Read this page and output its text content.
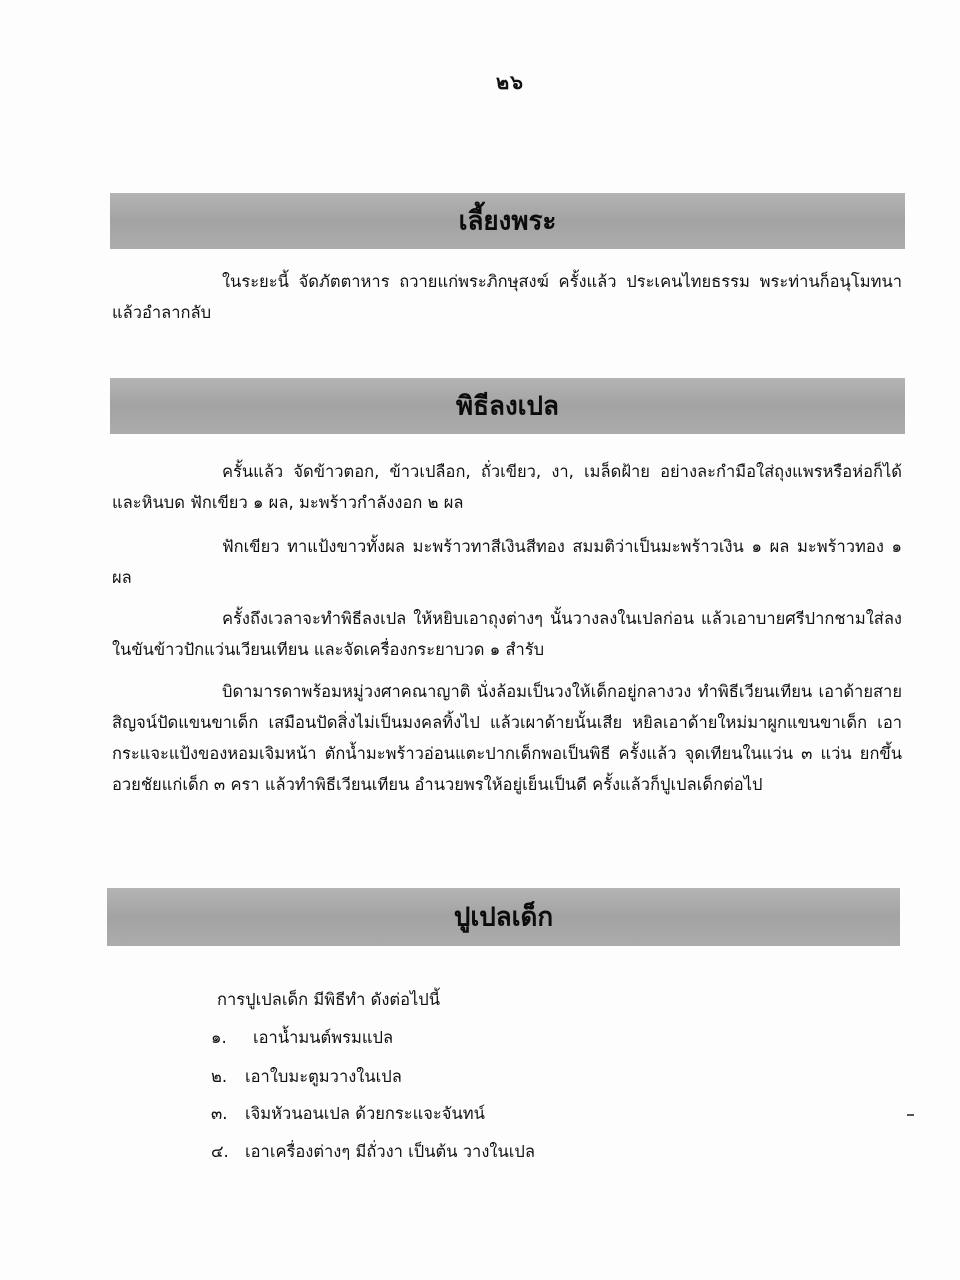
๒๖
เลี้ยงพระ

ในระยะนี้ จัดภัตตาหาร ถวายแก่พระภิกษุสงฆ์ ครั้งแล้ว ประเคนไทยธรรม พระท่านก็อนุโมทนา แล้วอำลากลับ

พิธีลงเปล

ครั้นแล้ว จัดข้าวตอก, ข้าวเปลือก, ถั่วเขียว, งา, เมล็ดฝ้าย อย่างละกำมือใส่ถุงแพรหรือห่อก็ได้ และหินบด ฟักเขียว ๑ ผล, มะพร้าวกำลังงอก ๒ ผล

ฟักเขียว ทาแป้งขาวทั้งผล มะพร้าวทาสีเงินสีทอง สมมติว่าเป็นมะพร้าวเงิน ๑ ผล มะพร้าวทอง ๑ ผล

ครั้งถึงเวลาจะทำพิธีลงเปล ให้หยิบเอาถุงต่างๆ นั้นวางลงในเปลก่อน แล้วเอาบายศรีปากชามใส่ลงในขันข้าวปักแว่นเวียนเทียน และจัดเครื่องกระยาบวด ๑ สำรับ

บิดามารดาพร้อมหมู่วงศาคณาญาติ นั่งล้อมเป็นวงให้เด็กอยู่กลางวง ทำพิธีเวียนเทียน เอาด้ายสายสิญจน์ปัดแขนขาเด็ก เสมือนปัดสิ่งไม่เป็นมงคลทิ้งไป แล้วเผาด้ายนั้นเสีย หยิลเอาด้ายใหม่มาผูกแขนขาเด็ก เอากระแจะแป้งของหอมเจิมหน้า ตักน้ำมะพร้าวอ่อนแตะปากเด็กพอเป็นพิธี ครั้งแล้ว จุดเทียนในแว่น ๓ แว่น ยกขึ้นอวยชัยแก่เด็ก ๓ ครา แล้วทำพิธีเวียนเทียน อำนวยพรให้อยู่เย็นเป็นดี ครั้งแล้วก็ปูเปลเด็กต่อไป

ปูเปลเด็ก
การปูเปลเด็ก มีพิธีทำ ดังต่อไปนี้
๑. เอาน้ำมนต์พรมแปล
๒. เอาใบมะตูมวางในเปล
๓. เจิมหัวนอนเปล ด้วยกระแจะจันทน์
๔. เอาเครื่องต่างๆ มีถั่วงา เป็นต้น วางในเปล
